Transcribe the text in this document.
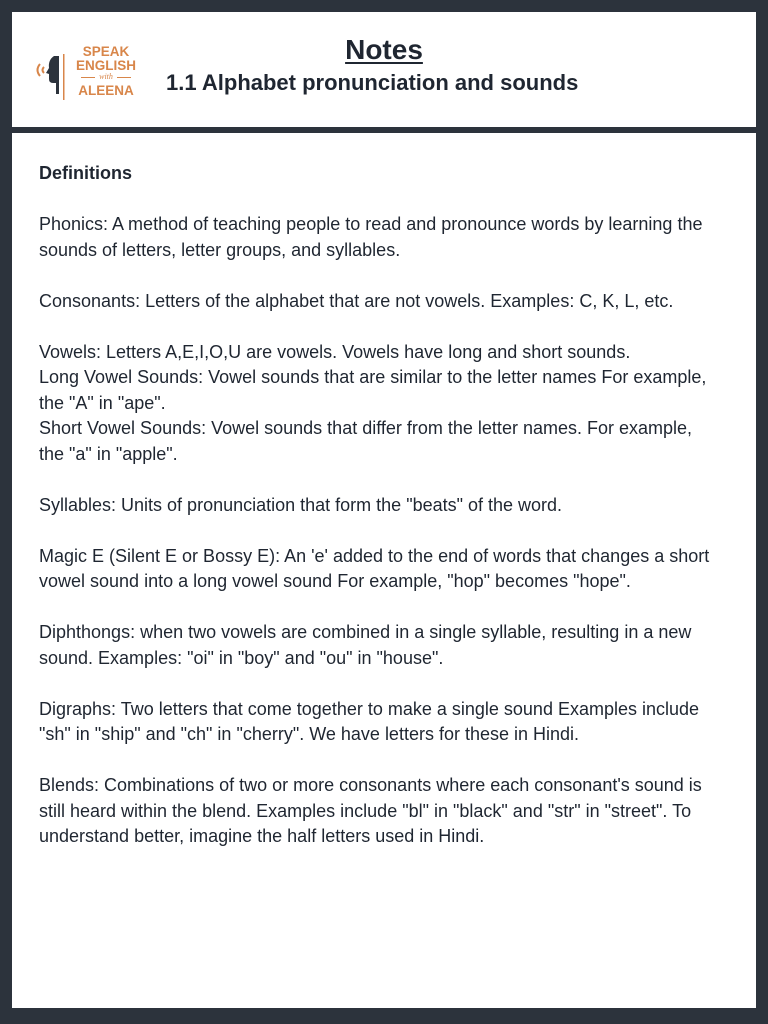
SPEAK
ENGLISH
with
ALEENA
Notes
1.1 Alphabet pronunciation and sounds
Definitions

Phonics: A method of teaching people to read and pronounce words by learning the sounds of letters, letter groups, and syllables.

Consonants: Letters of the alphabet that are not vowels. Examples: C, K, L, etc.

Vowels: Letters A,E,I,O,U are vowels. Vowels have long and short sounds.

Long Vowel Sounds: Vowel sounds that are similar to the letter names For example, the "A" in "ape".

Short Vowel Sounds: Vowel sounds that differ from the letter names. For example, the "a" in "apple".

Syllables: Units of pronunciation that form the "beats" of the word.

Magic E (Silent E or Bossy E): An 'e' added to the end of words that changes a short vowel sound into a long vowel sound For example, "hop" becomes "hope".

Diphthongs: when two vowels are combined in a single syllable, resulting in a new sound. Examples: "oi" in "boy" and "ou" in "house".

Digraphs: Two letters that come together to make a single sound Examples include "sh" in "ship" and "ch" in "cherry". We have letters for these in Hindi.

Blends: Combinations of two or more consonants where each consonant's sound is still heard within the blend. Examples include "bl" in "black" and "str" in "street". To understand better, imagine the half letters used in Hindi.
